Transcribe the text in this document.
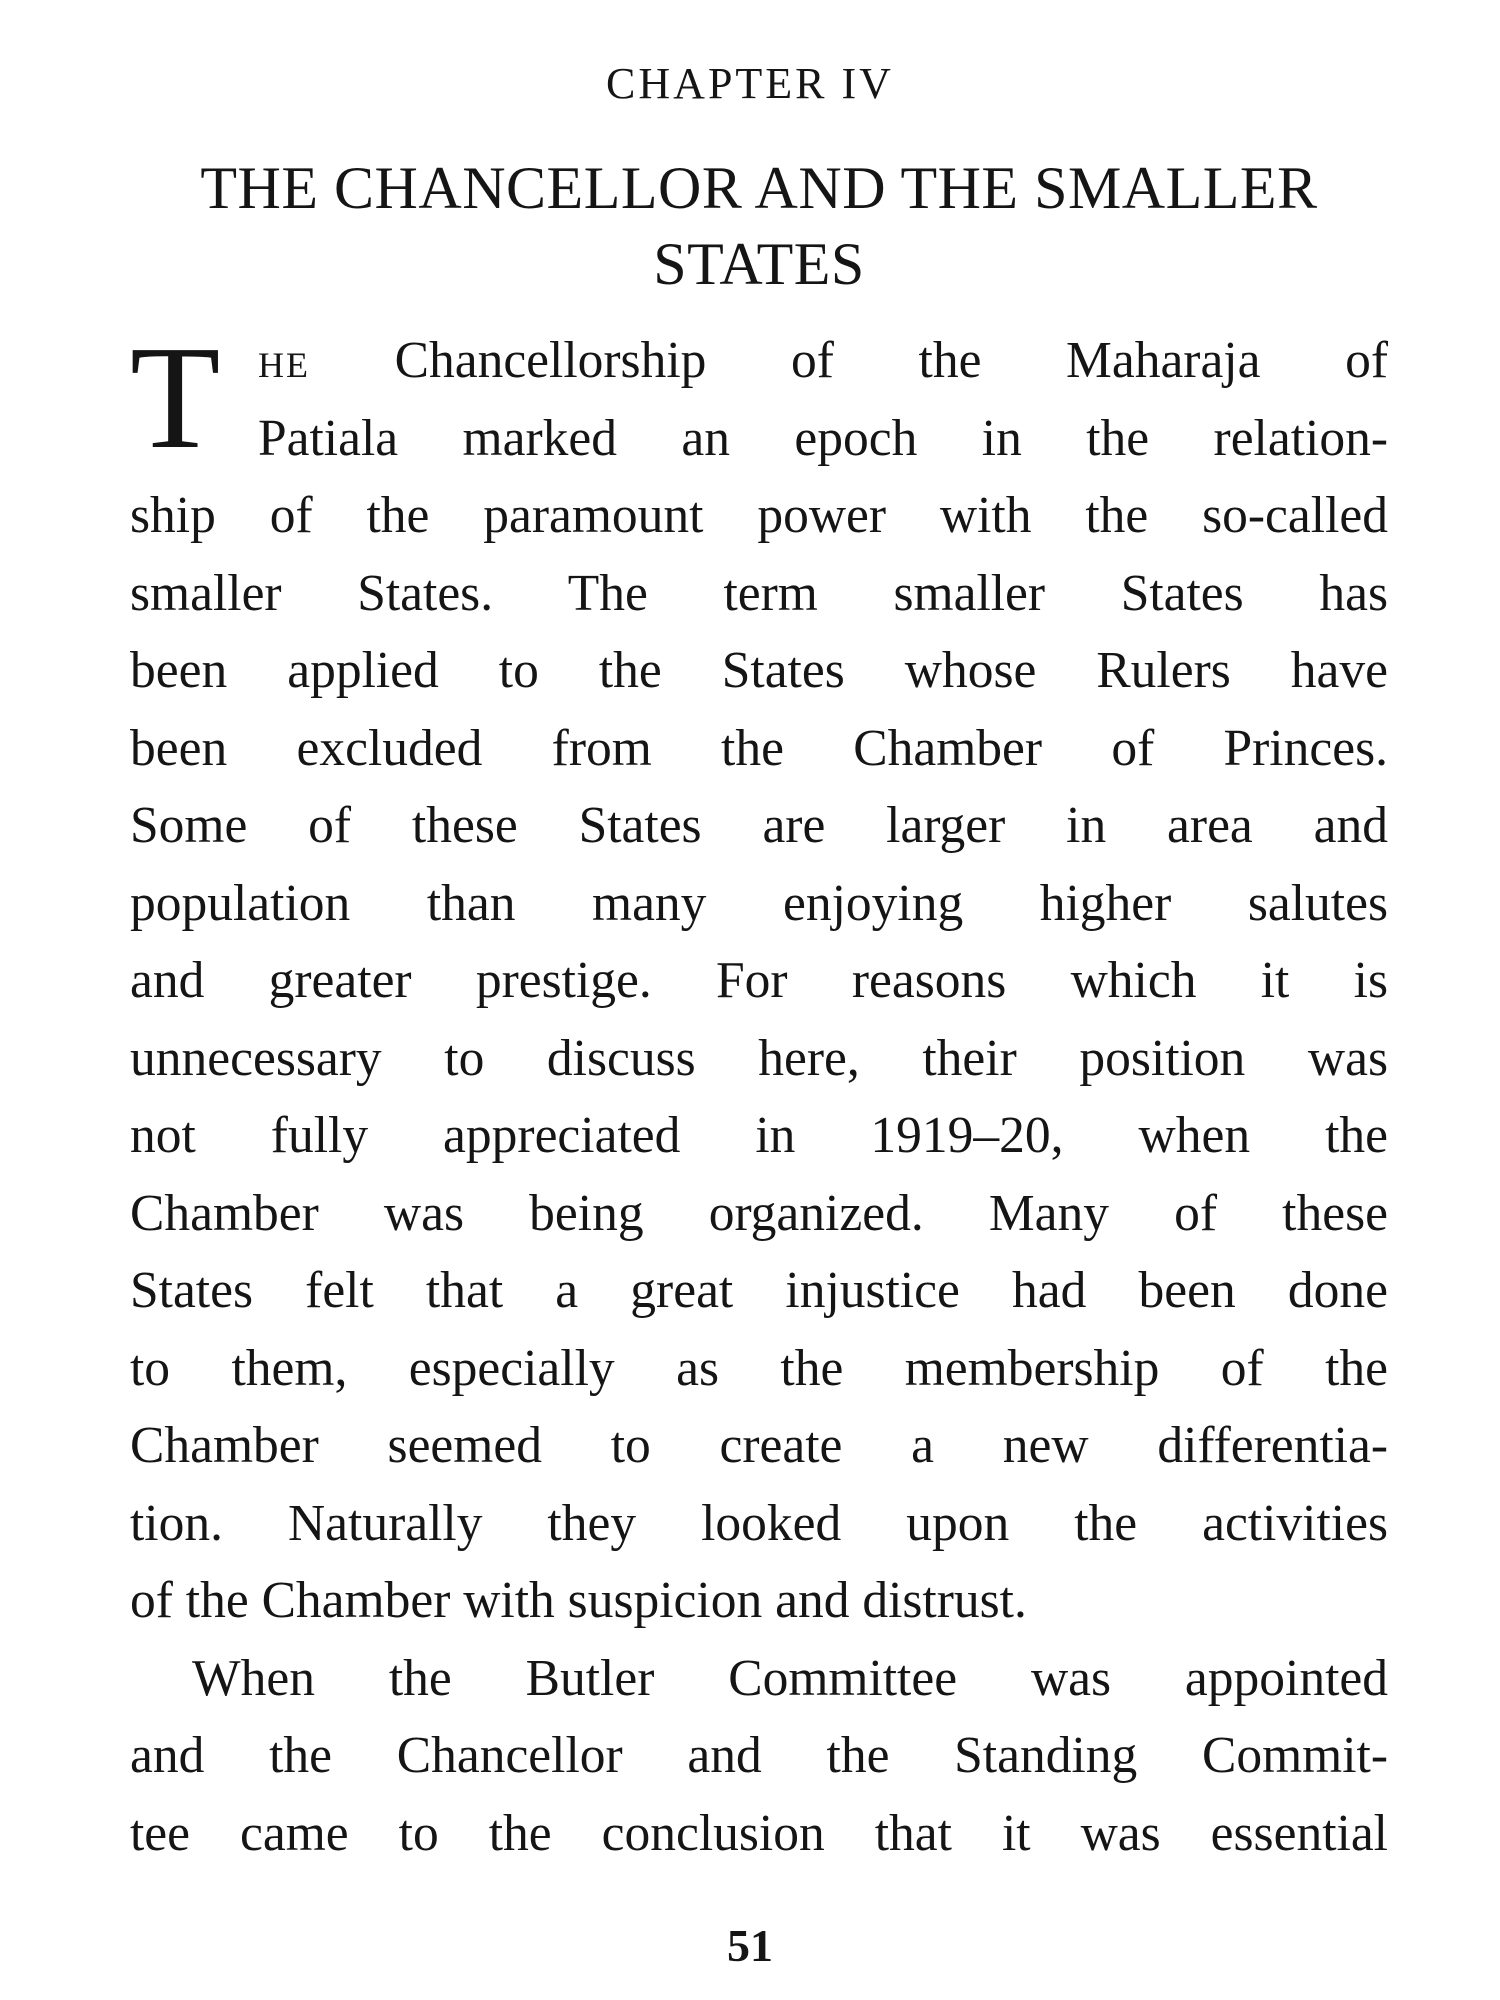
CHAPTER IV
THE CHANCELLOR AND THE SMALLER
STATES
T	HE Chancellorship of the Maharaja of
Patiala marked an epoch in the relation-
ship of the paramount power with the so-called
smaller States. The term smaller States has
been applied to the States whose Rulers have
been excluded from the Chamber of Princes.
Some of these States are larger in area and
population than many enjoying higher salutes
and greater prestige. For reasons which it is
unnecessary to discuss here, their position was
not fully appreciated in 1919–20, when the
Chamber was being organized. Many of these
States felt that a great injustice had been done
to them, especially as the membership of the
Chamber seemed to create a new differentia-
tion. Naturally they looked upon the activities
of the Chamber with suspicion and distrust.
When the Butler Committee was appointed
and the Chancellor and the Standing Commit-
tee came to the conclusion that it was essential
51
